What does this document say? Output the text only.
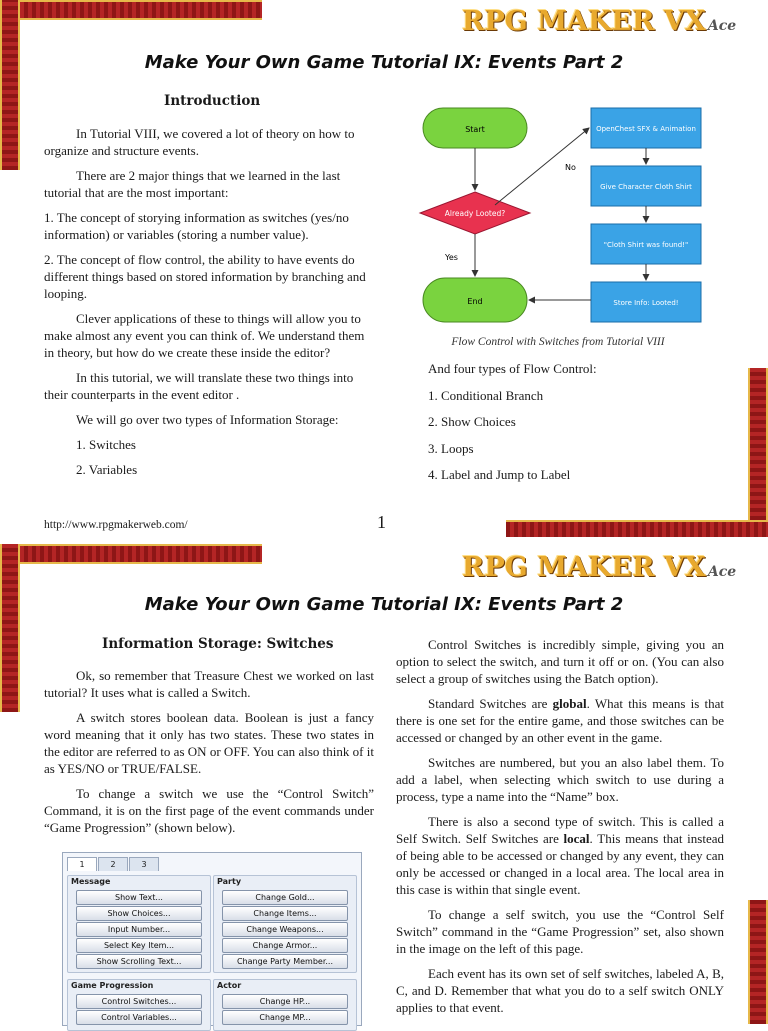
RPG MAKER VX Ace
Make Your Own Game Tutorial IX: Events Part 2
Introduction

In Tutorial VIII, we covered a lot of theory on how to organize and structure events.

There are 2 major things that we learned in the last tutorial that are the most important:

1. The concept of storying information as switches (yes/no information) or variables (storing a number value).

2. The concept of flow control, the ability to have events do different things based on stored information by branching and looping.

Clever applications of these to things will allow you to make almost any event you can think of. We understand them in theory, but how do we create these inside the editor?

In this tutorial, we will translate these two things into their counterparts in the event editor .

We will go over two types of Information Storage:

1. Switches

2. Variables

Start
Already Looted?
End
OpenChest SFX & Animation
Give Character Cloth Shirt
"Cloth Shirt was found!"
Store Info: Looted!
No
Yes
Flow Control with Switches from Tutorial VIII
And four types of Flow Control:
1. Conditional Branch
2. Show Choices
3. Loops
4. Label and Jump to Label
http://www.rpgmakerweb.com/	1
RPG MAKER VX Ace
Make Your Own Game Tutorial IX: Events Part 2
Information Storage: Switches

Ok, so remember that Treasure Chest we worked on last tutorial? It uses what is called a Switch.

A switch stores boolean data. Boolean is just a fancy word meaning that it only has two states. These two states in the editor are referred to as ON or OFF. You can also think of it as YES/NO or TRUE/FALSE.

To change a switch we use the “Control Switch” Command, it is on the first page of the event commands under “Game Progression” (shown below).

Control Switches is incredibly simple, giving you an option to select the switch, and turn it off or on. (You can also select a group of switches using the Batch option).

Standard Switches are global. What this means is that there is one set for the entire game, and those switches can be accessed or changed by an other event in the game.

Switches are numbered, but you an also label them. To add a label, when selecting which switch to use during a process, type a name into the “Name” box.

There is also a second type of switch. This is called a Self Switch. Self Switches are local. This means that instead of being able to be accessed or changed by any event, they can only be accessed or changed in a local area. The local area in this case is within that single event.

To change a self switch, you use the “Control Self Switch” command in the “Game Progression” set, also shown in the image on the left of this page.

Each event has its own set of self switches, labeled A, B, C, and D. Remember that what you do to a self switch ONLY applies to that event.

1	2	3
Message
Show Text...
Show Choices...
Input Number...
Select Key Item...
Show Scrolling Text...
Party
Change Gold...
Change Items...
Change Weapons...
Change Armor...
Change Party Member...
Game Progression
Control Switches...
Control Variables...
Actor
Change HP...
Change MP...
